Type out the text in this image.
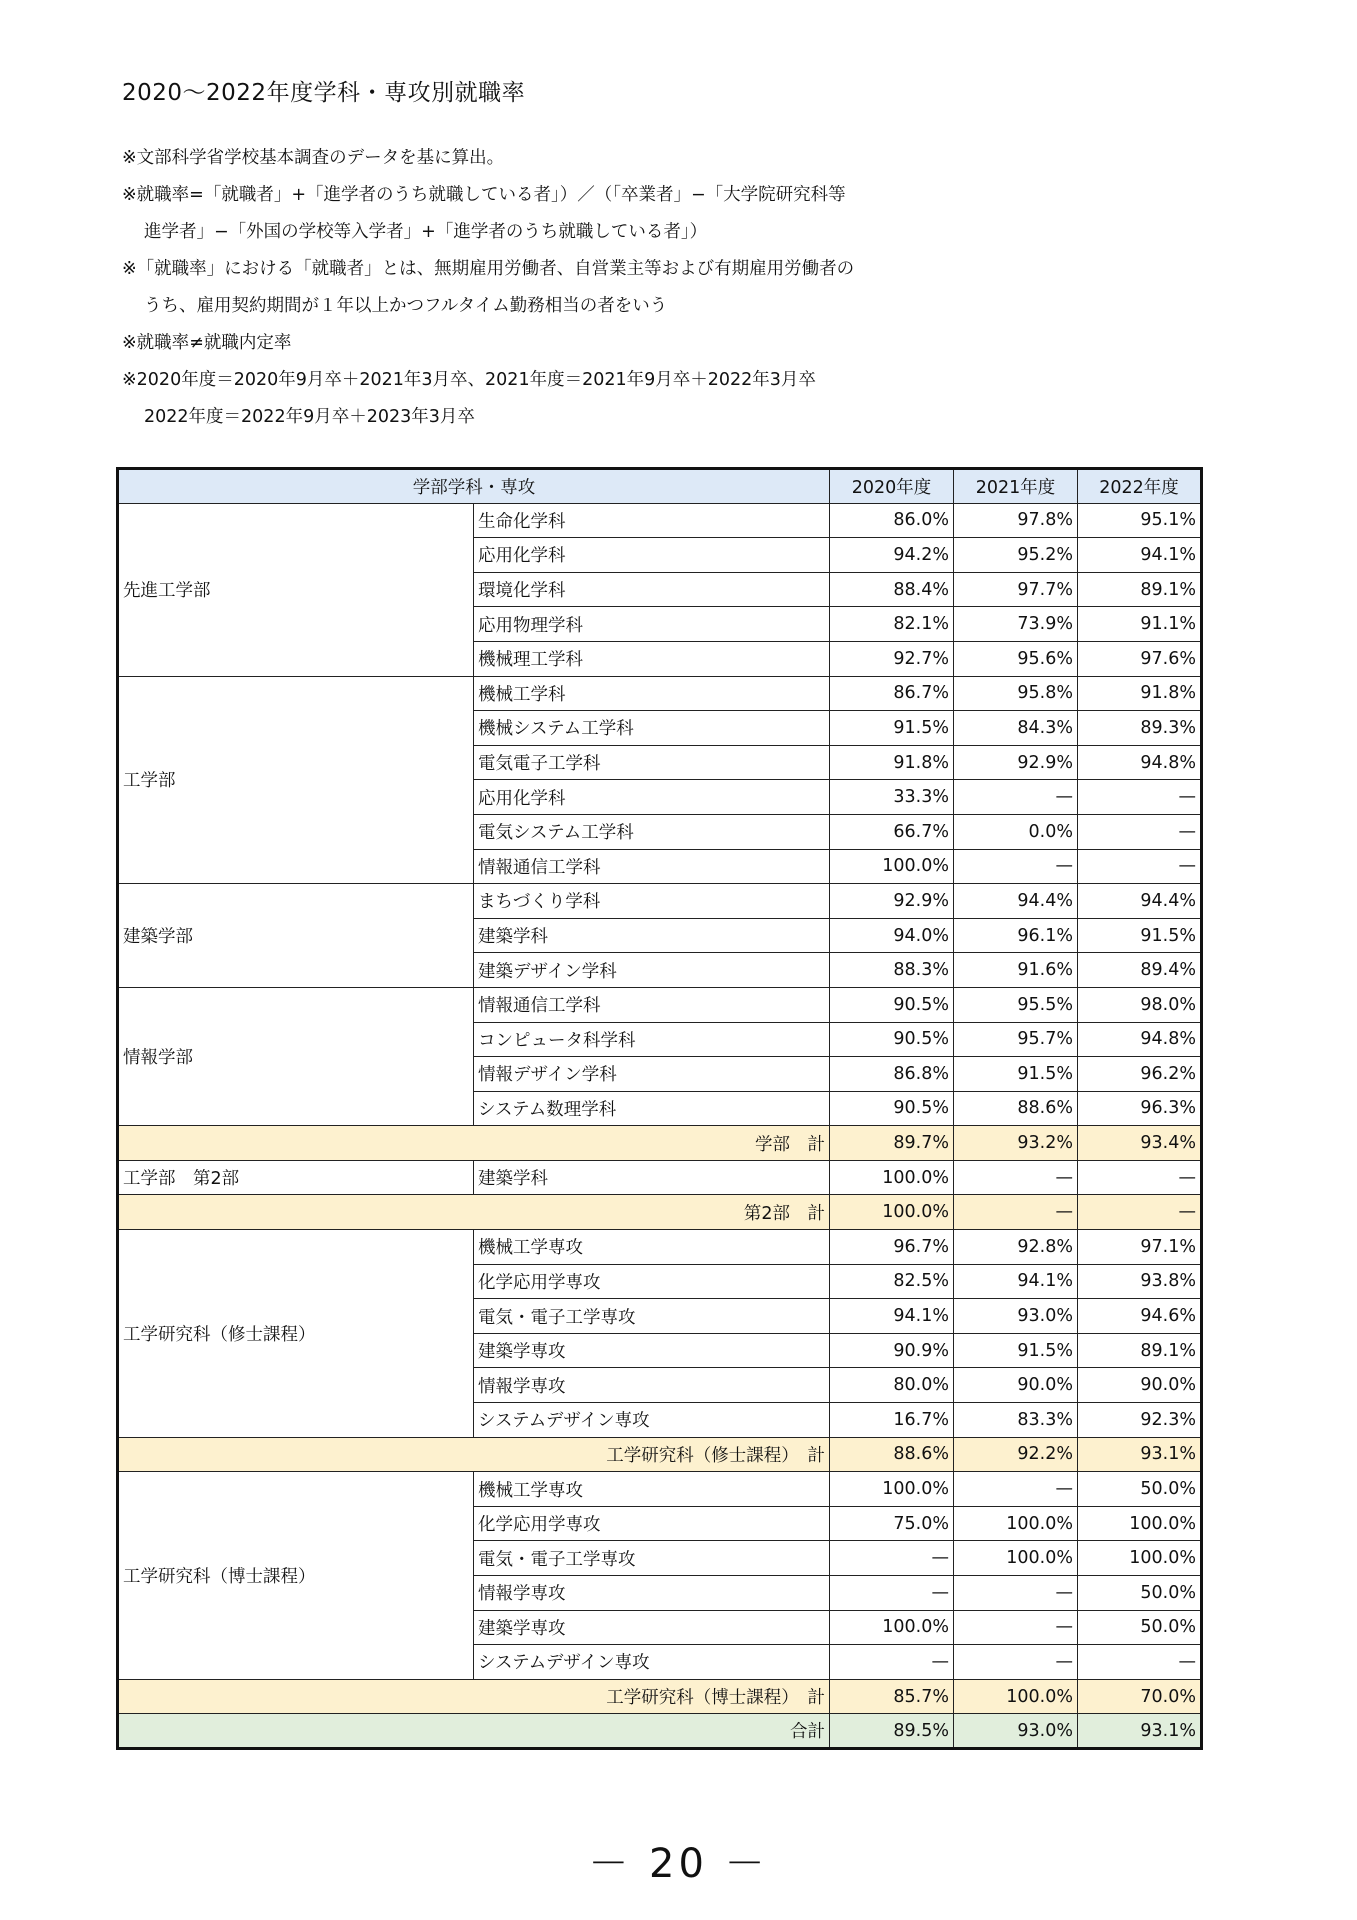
2020〜2022年度学科・専攻別就職率
※文部科学省学校基本調査のデータを基に算出。
※就職率=「就職者」+「進学者のうち就職している者」）／（「卒業者」−「大学院研究科等
進学者」−「外国の学校等入学者」+「進学者のうち就職している者」）
※「就職率」における「就職者」とは、無期雇用労働者、自営業主等および有期雇用労働者の
うち、雇用契約期間が１年以上かつフルタイム勤務相当の者をいう
※就職率≠就職内定率
※2020年度＝2020年9月卒＋2021年3月卒、2021年度＝2021年9月卒＋2022年3月卒
2022年度＝2022年9月卒＋2023年3月卒
学部学科・専攻		2020年度	2021年度	2022年度
先進工学部	生命化学科	86.0%	97.8%	95.1%
	応用化学科	94.2%	95.2%	94.1%
	環境化学科	88.4%	97.7%	89.1%
	応用物理学科	82.1%	73.9%	91.1%
	機械理工学科	92.7%	95.6%	97.6%
工学部	機械工学科	86.7%	95.8%	91.8%
	機械システム工学科	91.5%	84.3%	89.3%
	電気電子工学科	91.8%	92.9%	94.8%
	応用化学科	33.3%	—	—
	電気システム工学科	66.7%	0.0%	—
	情報通信工学科	100.0%	—	—
建築学部	まちづくり学科	92.9%	94.4%	94.4%
	建築学科	94.0%	96.1%	91.5%
	建築デザイン学科	88.3%	91.6%	89.4%
情報学部	情報通信工学科	90.5%	95.5%	98.0%
	コンピュータ科学科	90.5%	95.7%	94.8%
	情報デザイン学科	86.8%	91.5%	96.2%
	システム数理学科	90.5%	88.6%	96.3%
学部　計		89.7%	93.2%	93.4%
工学部　第2部	建築学科	100.0%	—	—
第2部　計		100.0%	—	—
工学研究科（修士課程）	機械工学専攻	96.7%	92.8%	97.1%
	化学応用学専攻	82.5%	94.1%	93.8%
	電気・電子工学専攻	94.1%	93.0%	94.6%
	建築学専攻	90.9%	91.5%	89.1%
	情報学専攻	80.0%	90.0%	90.0%
	システムデザイン専攻	16.7%	83.3%	92.3%
工学研究科（修士課程）　計		88.6%	92.2%	93.1%
工学研究科（博士課程）	機械工学専攻	100.0%	—	50.0%
	化学応用学専攻	75.0%	100.0%	100.0%
	電気・電子工学専攻	—	100.0%	100.0%
	情報学専攻	—	—	50.0%
	建築学専攻	100.0%	—	50.0%
	システムデザイン専攻	—	—	—
工学研究科（博士課程）　計		85.7%	100.0%	70.0%
合計		89.5%	93.0%	93.1%
－ 20 －
